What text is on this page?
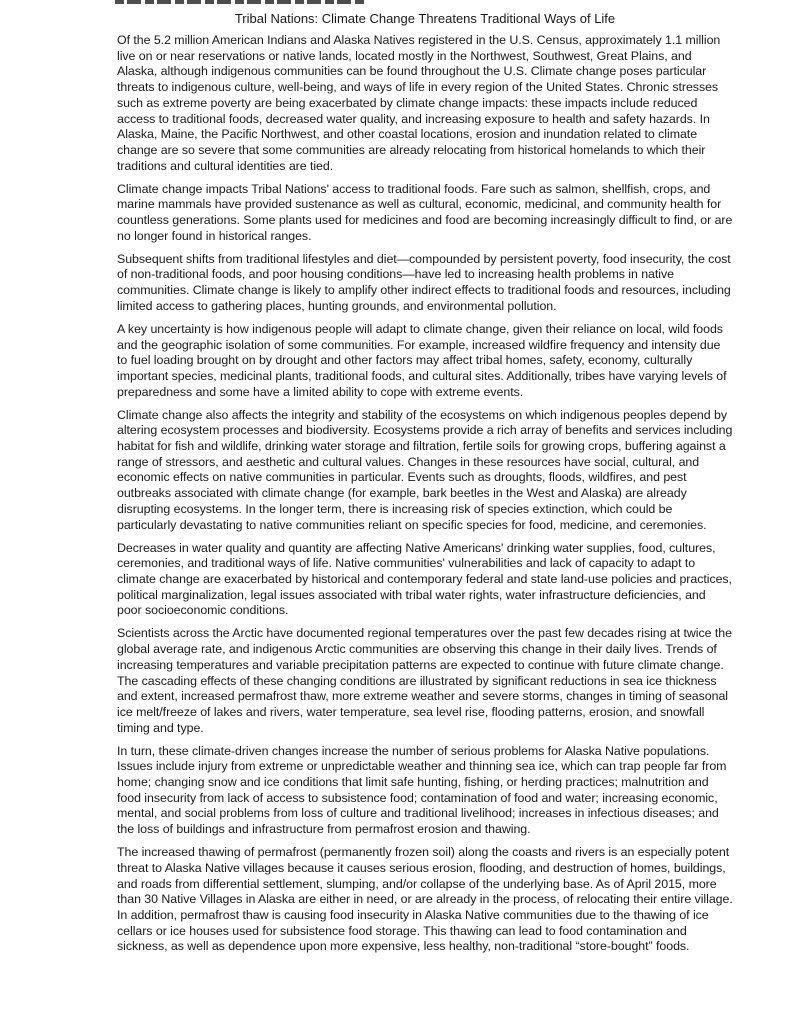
Tribal Nations: Climate Change Threatens Traditional Ways of Life

Of the 5.2 million American Indians and Alaska Natives registered in the U.S. Census, approximately 1.1 million live on or near reservations or native lands, located mostly in the Northwest, Southwest, Great Plains, and Alaska, although indigenous communities can be found throughout the U.S. Climate change poses particular threats to indigenous culture, well-being, and ways of life in every region of the United States. Chronic stresses such as extreme poverty are being exacerbated by climate change impacts: these impacts include reduced access to traditional foods, decreased water quality, and increasing exposure to health and safety hazards. In Alaska, Maine, the Pacific Northwest, and other coastal locations, erosion and inundation related to climate change are so severe that some communities are already relocating from historical homelands to which their traditions and cultural identities are tied.

Climate change impacts Tribal Nations' access to traditional foods. Fare such as salmon, shellfish, crops, and marine mammals have provided sustenance as well as cultural, economic, medicinal, and community health for countless generations. Some plants used for medicines and food are becoming increasingly difficult to find, or are no longer found in historical ranges.

Subsequent shifts from traditional lifestyles and diet—compounded by persistent poverty, food insecurity, the cost of non-traditional foods, and poor housing conditions—have led to increasing health problems in native communities. Climate change is likely to amplify other indirect effects to traditional foods and resources, including limited access to gathering places, hunting grounds, and environmental pollution.

A key uncertainty is how indigenous people will adapt to climate change, given their reliance on local, wild foods and the geographic isolation of some communities. For example, increased wildfire frequency and intensity due to fuel loading brought on by drought and other factors may affect tribal homes, safety, economy, culturally important species, medicinal plants, traditional foods, and cultural sites. Additionally, tribes have varying levels of preparedness and some have a limited ability to cope with extreme events.

Climate change also affects the integrity and stability of the ecosystems on which indigenous peoples depend by altering ecosystem processes and biodiversity. Ecosystems provide a rich array of benefits and services including habitat for fish and wildlife, drinking water storage and filtration, fertile soils for growing crops, buffering against a range of stressors, and aesthetic and cultural values. Changes in these resources have social, cultural, and economic effects on native communities in particular. Events such as droughts, floods, wildfires, and pest outbreaks associated with climate change (for example, bark beetles in the West and Alaska) are already disrupting ecosystems. In the longer term, there is increasing risk of species extinction, which could be particularly devastating to native communities reliant on specific species for food, medicine, and ceremonies.

Decreases in water quality and quantity are affecting Native Americans' drinking water supplies, food, cultures, ceremonies, and traditional ways of life. Native communities' vulnerabilities and lack of capacity to adapt to climate change are exacerbated by historical and contemporary federal and state land-use policies and practices, political marginalization, legal issues associated with tribal water rights, water infrastructure deficiencies, and poor socioeconomic conditions.

Scientists across the Arctic have documented regional temperatures over the past few decades rising at twice the global average rate, and indigenous Arctic communities are observing this change in their daily lives. Trends of increasing temperatures and variable precipitation patterns are expected to continue with future climate change. The cascading effects of these changing conditions are illustrated by significant reductions in sea ice thickness and extent, increased permafrost thaw, more extreme weather and severe storms, changes in timing of seasonal ice melt/freeze of lakes and rivers, water temperature, sea level rise, flooding patterns, erosion, and snowfall timing and type.

In turn, these climate-driven changes increase the number of serious problems for Alaska Native populations. Issues include injury from extreme or unpredictable weather and thinning sea ice, which can trap people far from home; changing snow and ice conditions that limit safe hunting, fishing, or herding practices; malnutrition and food insecurity from lack of access to subsistence food; contamination of food and water; increasing economic, mental, and social problems from loss of culture and traditional livelihood; increases in infectious diseases; and the loss of buildings and infrastructure from permafrost erosion and thawing.

The increased thawing of permafrost (permanently frozen soil) along the coasts and rivers is an especially potent threat to Alaska Native villages because it causes serious erosion, flooding, and destruction of homes, buildings, and roads from differential settlement, slumping, and/or collapse of the underlying base. As of April 2015, more than 30 Native Villages in Alaska are either in need, or are already in the process, of relocating their entire village. In addition, permafrost thaw is causing food insecurity in Alaska Native communities due to the thawing of ice cellars or ice houses used for subsistence food storage. This thawing can lead to food contamination and sickness, as well as dependence upon more expensive, less healthy, non-traditional “store-bought” foods.
